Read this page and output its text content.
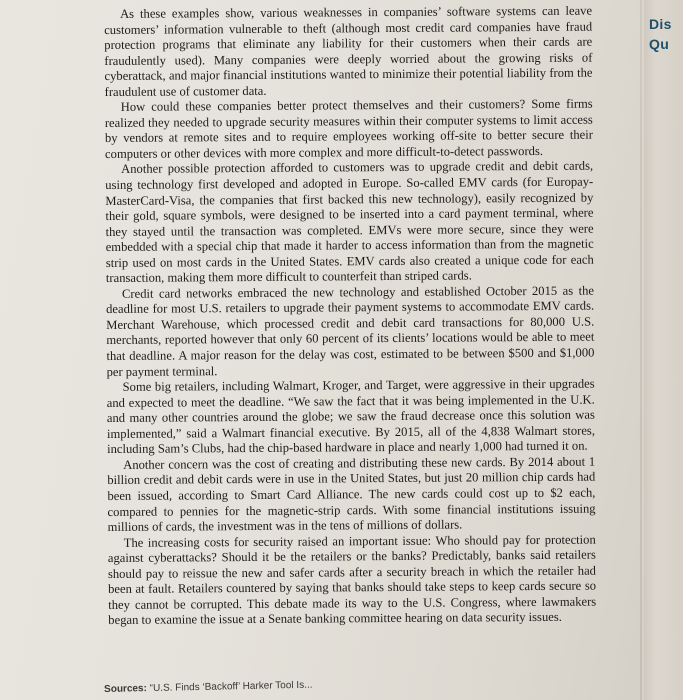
As these examples show, various weaknesses in companies’ software systems can leave customers’ information vulnerable to theft (although most credit card companies have fraud protection programs that eliminate any liability for their customers when their cards are fraudulently used). Many companies were deeply worried about the growing risks of cyberattack, and major financial institutions wanted to minimize their potential liability from the fraudulent use of customer data.

How could these companies better protect themselves and their customers? Some firms realized they needed to upgrade security measures within their computer systems to limit access by vendors at remote sites and to require employees working off-site to better secure their computers or other devices with more complex and more difficult-to-detect passwords.

Another possible protection afforded to customers was to upgrade credit and debit cards, using technology first developed and adopted in Europe. So-called EMV cards (for Europay-MasterCard-Visa, the companies that first backed this new technology), easily recognized by their gold, square symbols, were designed to be inserted into a card payment terminal, where they stayed until the transaction was completed. EMVs were more secure, since they were embedded with a special chip that made it harder to access information than from the magnetic strip used on most cards in the United States. EMV cards also created a unique code for each transaction, making them more difficult to counterfeit than striped cards.

Credit card networks embraced the new technology and established October 2015 as the deadline for most U.S. retailers to upgrade their payment systems to accommodate EMV cards. Merchant Warehouse, which processed credit and debit card transactions for 80,000 U.S. merchants, reported however that only 60 percent of its clients’ locations would be able to meet that deadline. A major reason for the delay was cost, estimated to be between $500 and $1,000 per payment terminal.

Some big retailers, including Walmart, Kroger, and Target, were aggressive in their upgrades and expected to meet the deadline. “We saw the fact that it was being implemented in the U.K. and many other countries around the globe; we saw the fraud decrease once this solution was implemented,” said a Walmart financial executive. By 2015, all of the 4,838 Walmart stores, including Sam’s Clubs, had the chip-based hardware in place and nearly 1,000 had turned it on.

Another concern was the cost of creating and distributing these new cards. By 2014 about 1 billion credit and debit cards were in use in the United States, but just 20 million chip cards had been issued, according to Smart Card Alliance. The new cards could cost up to $2 each, compared to pennies for the magnetic-strip cards. With some financial institutions issuing millions of cards, the investment was in the tens of millions of dollars.

The increasing costs for security raised an important issue: Who should pay for protection against cyberattacks? Should it be the retailers or the banks? Predictably, banks said retailers should pay to reissue the new and safer cards after a security breach in which the retailer had been at fault. Retailers countered by saying that banks should take steps to keep cards secure so they cannot be corrupted. This debate made its way to the U.S. Congress, where lawmakers began to examine the issue at a Senate banking committee hearing on data security issues.

Sources: “U.S. Finds ‘Backoff’ Harker Tool Is...
Dis
Qu
